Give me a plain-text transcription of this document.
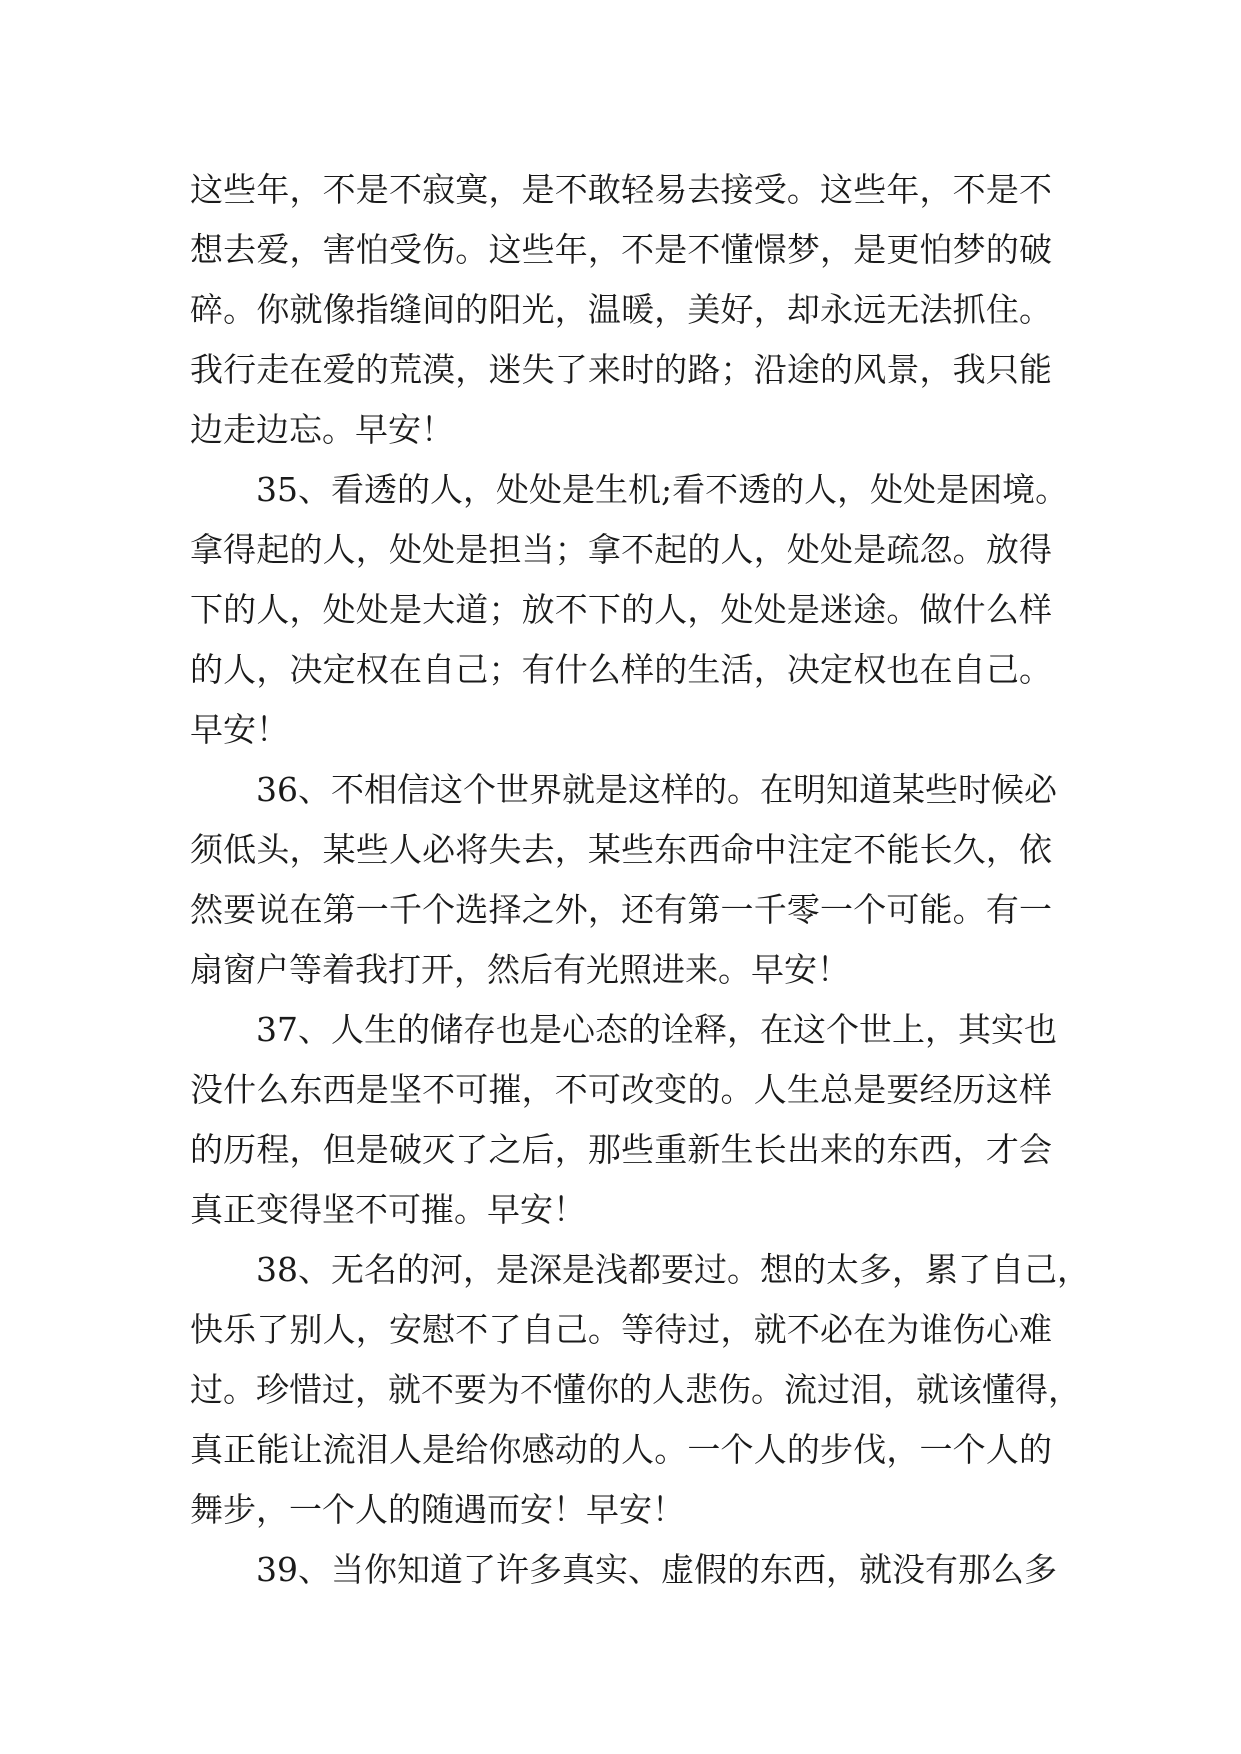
这些年，不是不寂寞，是不敢轻易去接受。这些年，不是不
想去爱，害怕受伤。这些年，不是不懂憬梦，是更怕梦的破
碎。你就像指缝间的阳光，温暖，美好，却永远无法抓住。
我行走在爱的荒漠，迷失了来时的路；沿途的风景，我只能
边走边忘。早安！
35、看透的人，处处是生机;看不透的人，处处是困境。
拿得起的人，处处是担当；拿不起的人，处处是疏忽。放得
下的人，处处是大道；放不下的人，处处是迷途。做什么样
的人，决定权在自己；有什么样的生活，决定权也在自己。
早安！
36、不相信这个世界就是这样的。在明知道某些时候必
须低头，某些人必将失去，某些东西命中注定不能长久，依
然要说在第一千个选择之外，还有第一千零一个可能。有一
扇窗户等着我打开，然后有光照进来。早安！
37、人生的储存也是心态的诠释，在这个世上，其实也
没什么东西是坚不可摧，不可改变的。人生总是要经历这样
的历程，但是破灭了之后，那些重新生长出来的东西，才会
真正变得坚不可摧。早安！
38、无名的河，是深是浅都要过。想的太多，累了自己，
快乐了别人，安慰不了自己。等待过，就不必在为谁伤心难
过。珍惜过，就不要为不懂你的人悲伤。流过泪，就该懂得，
真正能让流泪人是给你感动的人。一个人的步伐，一个人的
舞步，一个人的随遇而安！早安！
39、当你知道了许多真实、虚假的东西，就没有那么多
